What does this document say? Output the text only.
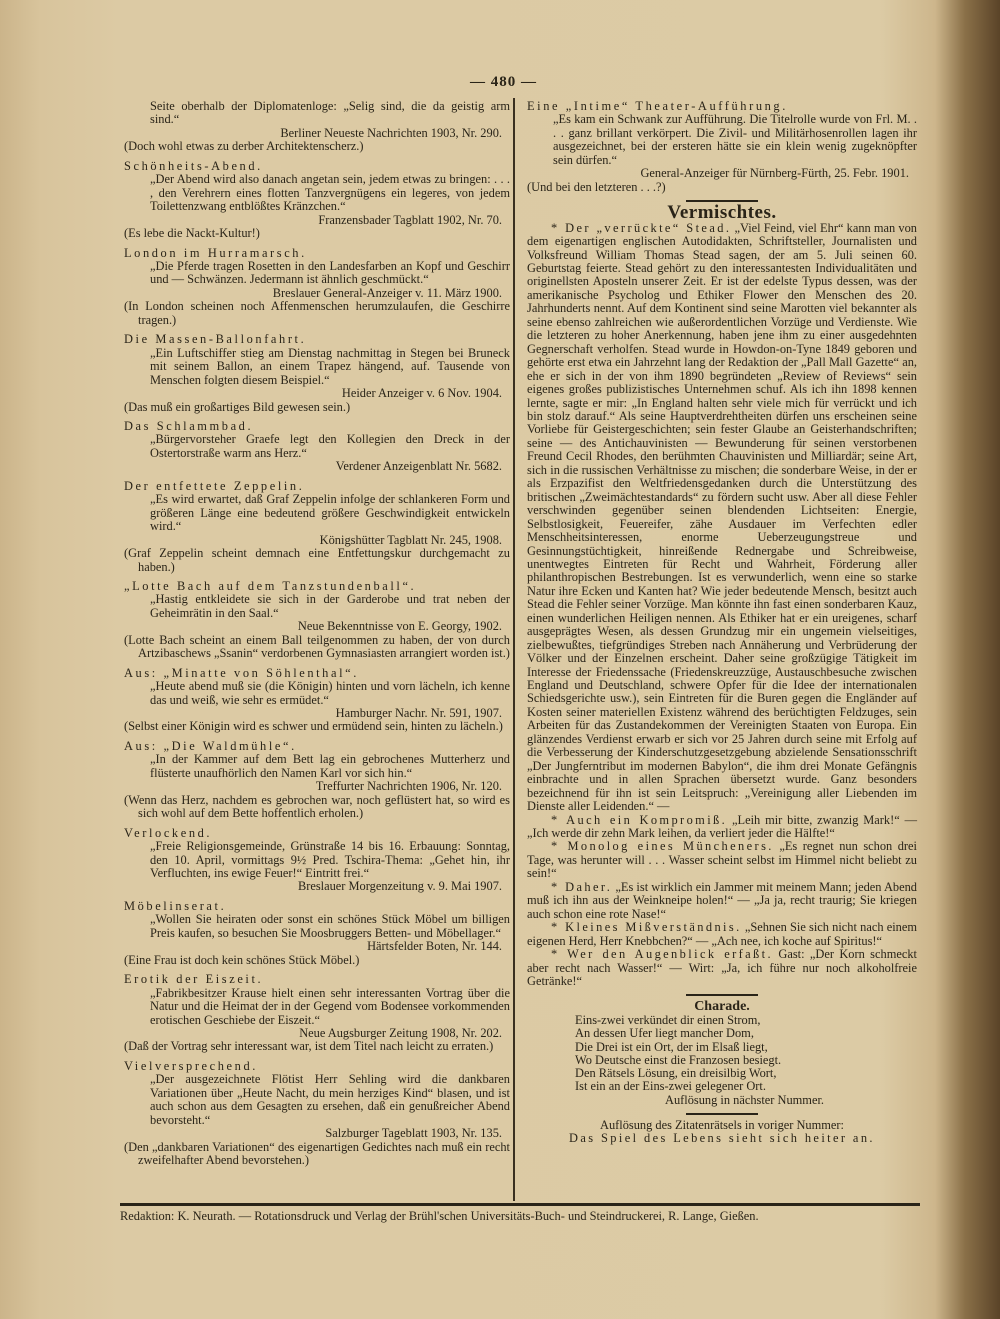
— 480 —
Seite oberhalb der Diplomatenloge: „Selig sind, die da geistig arm sind.“
Berliner Neueste Nachrichten 1903, Nr. 290.
(Doch wohl etwas zu derber Architektenscherz.)
Schönheits-Abend.
„Der Abend wird also danach angetan sein, jedem etwas zu bringen: . . . , den Verehrern eines flotten Tanzvergnügens ein legeres, von jedem Toilettenzwang entblößtes Kränzchen.“
Franzensbader Tagblatt 1902, Nr. 70.
(Es lebe die Nackt-Kultur!)
London im Hurramarsch.
„Die Pferde tragen Rosetten in den Landesfarben an Kopf und Geschirr und — Schwänzen. Jedermann ist ähnlich geschmückt.“
Breslauer General-Anzeiger v. 11. März 1900.
(In London scheinen noch Affenmenschen herumzulaufen, die Geschirre tragen.)
Die Massen-Ballonfahrt.
„Ein Luftschiffer stieg am Dienstag nachmittag in Stegen bei Bruneck mit seinem Ballon, an einem Trapez hängend, auf. Tausende von Menschen folgten diesem Beispiel.“
Heider Anzeiger v. 6 Nov. 1904.
(Das muß ein großartiges Bild gewesen sein.)
Das Schlammbad.
„Bürgervorsteher Graefe legt den Kollegien den Dreck in der Ostertorstraße warm ans Herz.“
Verdener Anzeigenblatt Nr. 5682.
Der entfettete Zeppelin.
„Es wird erwartet, daß Graf Zeppelin infolge der schlankeren Form und größeren Länge eine bedeutend größere Geschwindigkeit entwickeln wird.“
Königshütter Tagblatt Nr. 245, 1908.
(Graf Zeppelin scheint demnach eine Entfettungskur durchgemacht zu haben.)
„Lotte Bach auf dem Tanzstundenball“.
„Hastig entkleidete sie sich in der Garderobe und trat neben der Geheimrätin in den Saal.“
Neue Bekenntnisse von E. Georgy, 1902.
(Lotte Bach scheint an einem Ball teilgenommen zu haben, der von durch Artzibaschews „Ssanin“ verdorbenen Gymnasiasten arrangiert worden ist.)
Aus: „Minatte von Söhlenthal“.
„Heute abend muß sie (die Königin) hinten und vorn lächeln, ich kenne das und weiß, wie sehr es ermüdet.“
Hamburger Nachr. Nr. 591, 1907.
(Selbst einer Königin wird es schwer und ermüdend sein, hinten zu lächeln.)
Aus: „Die Waldmühle“.
„In der Kammer auf dem Bett lag ein gebrochenes Mutterherz und flüsterte unaufhörlich den Namen Karl vor sich hin.“
Treffurter Nachrichten 1906, Nr. 120.
(Wenn das Herz, nachdem es gebrochen war, noch geflüstert hat, so wird es sich wohl auf dem Bette hoffentlich erholen.)
Verlockend.
„Freie Religionsgemeinde, Grünstraße 14 bis 16. Erbauung: Sonntag, den 10. April, vormittags 9½ Pred. Tschira-Thema: „Gehet hin, ihr Verfluchten, ins ewige Feuer!“ Eintritt frei.“
Breslauer Morgenzeitung v. 9. Mai 1907.
Möbelinserat.
„Wollen Sie heiraten oder sonst ein schönes Stück Möbel um billigen Preis kaufen, so besuchen Sie Moosbruggers Betten- und Möbellager.“
Härtsfelder Boten, Nr. 144.
(Eine Frau ist doch kein schönes Stück Möbel.)
Erotik der Eiszeit.
„Fabrikbesitzer Krause hielt einen sehr interessanten Vortrag über die Natur und die Heimat der in der Gegend vom Bodensee vorkommenden erotischen Geschiebe der Eiszeit.“
Neue Augsburger Zeitung 1908, Nr. 202.
(Daß der Vortrag sehr interessant war, ist dem Titel nach leicht zu erraten.)
Vielversprechend.
„Der ausgezeichnete Flötist Herr Sehling wird die dankbaren Variationen über „Heute Nacht, du mein herziges Kind“ blasen, und ist auch schon aus dem Gesagten zu ersehen, daß ein genußreicher Abend bevorsteht.“
Salzburger Tageblatt 1903, Nr. 135.
(Den „dankbaren Variationen“ des eigenartigen Gedichtes nach muß ein recht zweifelhafter Abend bevorstehen.)
Eine „Intime“ Theater-Aufführung.
„Es kam ein Schwank zur Aufführung. Die Titelrolle wurde von Frl. M. . . . ganz brillant verkörpert. Die Zivil- und Militärhosenrollen lagen ihr ausgezeichnet, bei der ersteren hätte sie ein klein wenig zugeknöpfter sein dürfen.“
General-Anzeiger für Nürnberg-Fürth, 25. Febr. 1901.
(Und bei den letzteren . . .?)
Vermischtes.
* Der „verrückte“ Stead. „Viel Feind, viel Ehr“ kann man von dem eigenartigen englischen Autodidakten, Schriftsteller, Journalisten und Volksfreund William Thomas Stead sagen, der am 5. Juli seinen 60. Geburtstag feierte. Stead gehört zu den interessantesten Individualitäten und originellsten Aposteln unserer Zeit. Er ist der edelste Typus dessen, was der amerikanische Psycholog und Ethiker Flower den Menschen des 20. Jahrhunderts nennt. Auf dem Kontinent sind seine Marotten viel bekannter als seine ebenso zahlreichen wie außerordentlichen Vorzüge und Verdienste. Wie die letzteren zu hoher Anerkennung, haben jene ihm zu einer ausgedehnten Gegnerschaft verholfen. Stead wurde in Howdon-on-Tyne 1849 geboren und gehörte erst etwa ein Jahrzehnt lang der Redaktion der „Pall Mall Gazette“ an, ehe er sich in der von ihm 1890 begründeten „Review of Reviews“ sein eigenes großes publizistisches Unternehmen schuf. Als ich ihn 1898 kennen lernte, sagte er mir: „In England halten sehr viele mich für verrückt und ich bin stolz darauf.“ Als seine Hauptverdrehtheiten dürfen uns erscheinen seine Vorliebe für Geistergeschichten; sein fester Glaube an Geisterhandschriften; seine — des Antichauvinisten — Bewunderung für seinen verstorbenen Freund Cecil Rhodes, den berühmten Chauvinisten und Milliardär; seine Art, sich in die russischen Verhältnisse zu mischen; die sonderbare Weise, in der er als Erzpazifist den Weltfriedensgedanken durch die Unterstützung des britischen „Zweimächtestandards“ zu fördern sucht usw. Aber all diese Fehler verschwinden gegenüber seinen blendenden Lichtseiten: Energie, Selbstlosigkeit, Feuereifer, zähe Ausdauer im Verfechten edler Menschheitsinteressen, enorme Ueberzeugungstreue und Gesinnungstüchtigkeit, hinreißende Rednergabe und Schreibweise, unentwegtes Eintreten für Recht und Wahrheit, Förderung aller philanthropischen Bestrebungen. Ist es verwunderlich, wenn eine so starke Natur ihre Ecken und Kanten hat? Wie jeder bedeutende Mensch, besitzt auch Stead die Fehler seiner Vorzüge. Man könnte ihn fast einen sonderbaren Kauz, einen wunderlichen Heiligen nennen. Als Ethiker hat er ein ureigenes, scharf ausgeprägtes Wesen, als dessen Grundzug mir ein ungemein vielseitiges, zielbewußtes, tiefgründiges Streben nach Annäherung und Verbrüderung der Völker und der Einzelnen erscheint. Daher seine großzügige Tätigkeit im Interesse der Friedenssache (Friedenskreuzzüge, Austauschbesuche zwischen England und Deutschland, schwere Opfer für die Idee der internationalen Schiedsgerichte usw.), sein Eintreten für die Buren gegen die Engländer auf Kosten seiner materiellen Existenz während des berüchtigten Feldzuges, sein Arbeiten für das Zustandekommen der Vereinigten Staaten von Europa. Ein glänzendes Verdienst erwarb er sich vor 25 Jahren durch seine mit Erfolg auf die Verbesserung der Kinderschutzgesetzgebung abzielende Sensationsschrift „Der Jungferntribut im modernen Babylon“, die ihm drei Monate Gefängnis einbrachte und in allen Sprachen übersetzt wurde. Ganz besonders bezeichnend für ihn ist sein Leitspruch: „Vereinigung aller Liebenden im Dienste aller Leidenden.“ —
* Auch ein Kompromiß. „Leih mir bitte, zwanzig Mark!“ — „Ich werde dir zehn Mark leihen, da verliert jeder die Hälfte!“
* Monolog eines Müncheners. „Es regnet nun schon drei Tage, was herunter will . . . Wasser scheint selbst im Himmel nicht beliebt zu sein!“
* Daher. „Es ist wirklich ein Jammer mit meinem Mann; jeden Abend muß ich ihn aus der Weinkneipe holen!“ — „Ja ja, recht traurig; Sie kriegen auch schon eine rote Nase!“
* Kleines Mißverständnis. „Sehnen Sie sich nicht nach einem eigenen Herd, Herr Knebbchen?“ — „Ach nee, ich koche auf Spiritus!“
* Wer den Augenblick erfaßt. Gast: „Der Korn schmeckt aber recht nach Wasser!“ — Wirt: „Ja, ich führe nur noch alkoholfreie Getränke!“
Charade.
Eins-zwei verkündet dir einen Strom,
An dessen Ufer liegt mancher Dom,
Die Drei ist ein Ort, der im Elsaß liegt,
Wo Deutsche einst die Franzosen besiegt.
Den Rätsels Lösung, ein dreisilbig Wort,
Ist ein an der Eins-zwei gelegener Ort.
Auflösung in nächster Nummer.
Auflösung des Zitatenrätsels in voriger Nummer:
Das Spiel des Lebens sieht sich heiter an.
Redaktion: K. Neurath. — Rotationsdruck und Verlag der Brühl'schen Universitäts-Buch- und Steindruckerei, R. Lange, Gießen.
